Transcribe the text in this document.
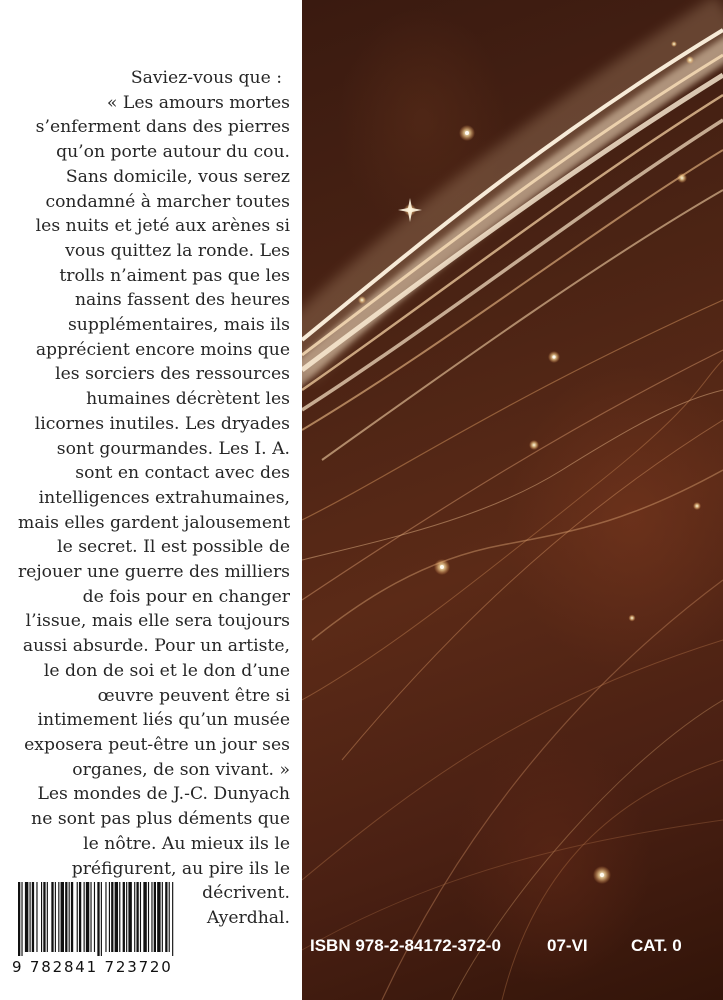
Saviez-vous que :
« Les amours mortes
s’enferment dans des pierres
qu’on porte autour du cou.
Sans domicile, vous serez
condamné à marcher toutes
les nuits et jeté aux arènes si
vous quittez la ronde. Les
trolls n’aiment pas que les
nains fassent des heures
supplémentaires, mais ils
apprécient encore moins que
les sorciers des ressources
humaines décrètent les
licornes inutiles. Les dryades
sont gourmandes. Les I. A.
sont en contact avec des
intelligences extrahumaines,
mais elles gardent jalousement
le secret. Il est possible de
rejouer une guerre des milliers
de fois pour en changer
l’issue, mais elle sera toujours
aussi absurde. Pour un artiste,
le don de soi et le don d’une
œuvre peuvent être si
intimement liés qu’un musée
exposera peut-être un jour ses
organes, de son vivant. »
Les mondes de J.-C. Dunyach
ne sont pas plus déments que
le nôtre. Au mieux ils le
préfigurent, au pire ils le
décrivent.
Ayerdhal.
9 782841 723720
ISBN 978-2-84172-372-0	07-VI	CAT. 0
